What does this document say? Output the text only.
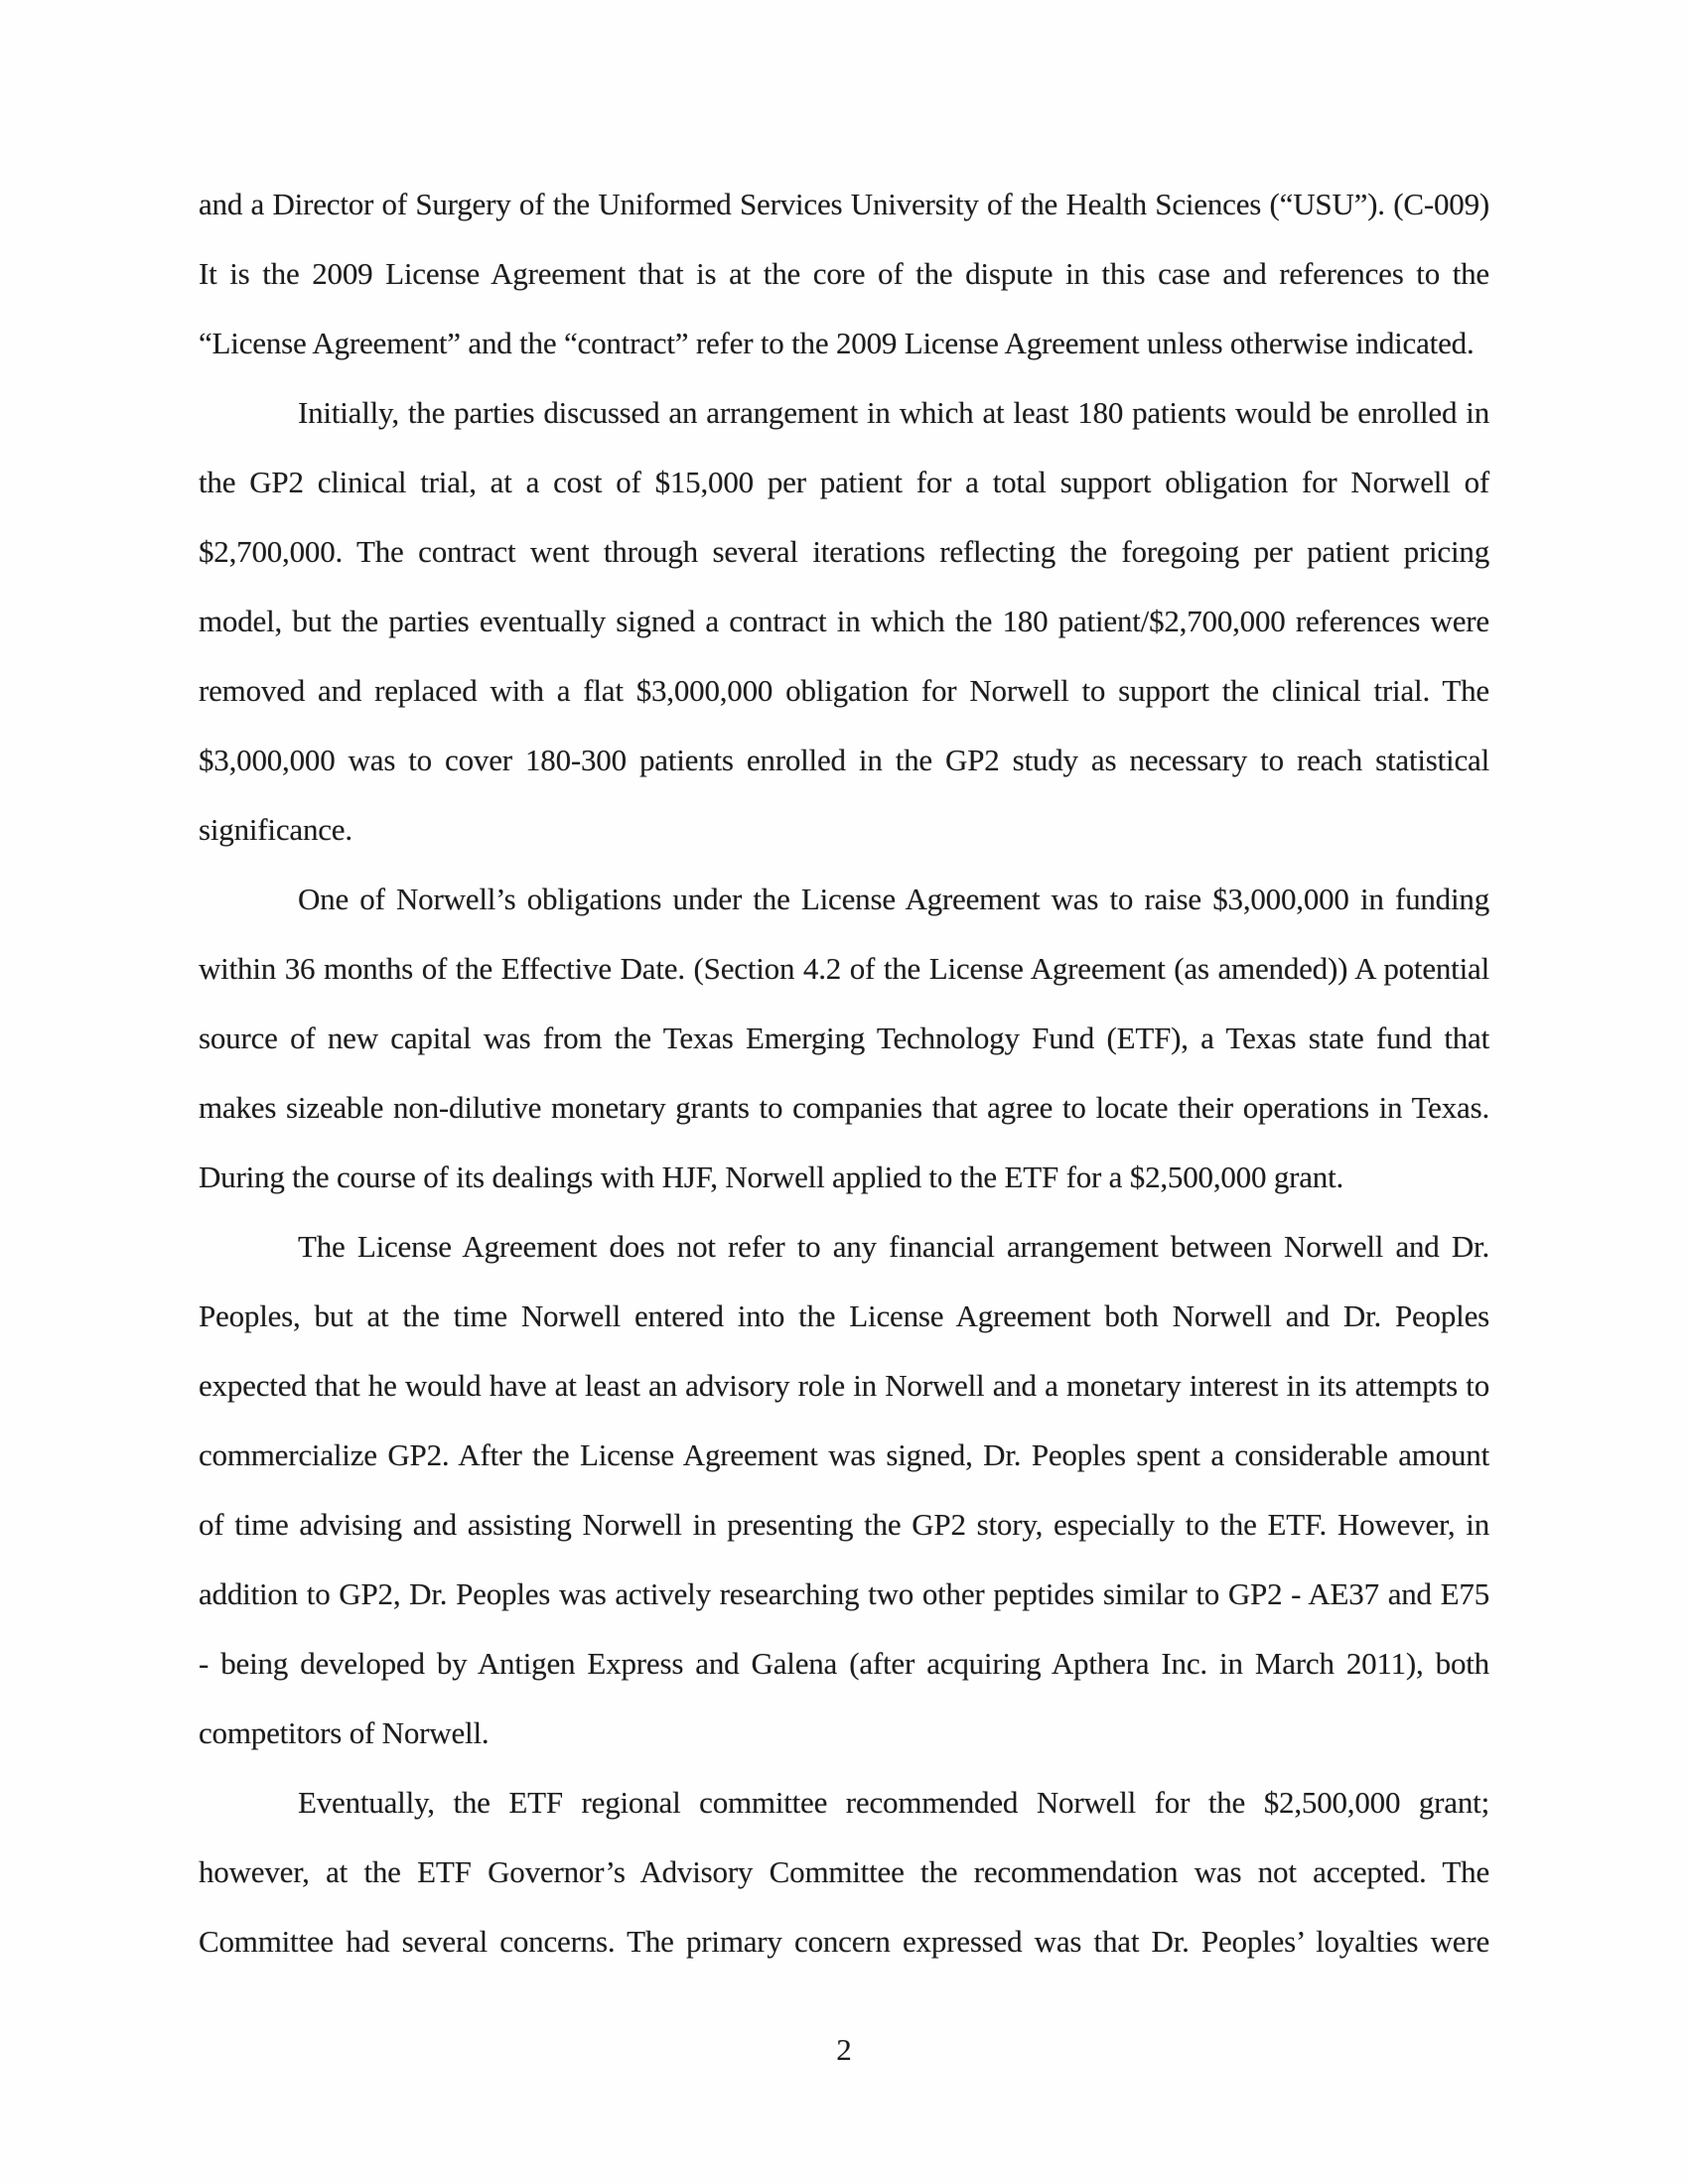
and a Director of Surgery of the Uniformed Services University of the Health Sciences (“USU”). (C-009)
It is the 2009 License Agreement that is at the core of the dispute in this case and references to the
“License Agreement” and the “contract” refer to the 2009 License Agreement unless otherwise indicated.
Initially, the parties discussed an arrangement in which at least 180 patients would be enrolled in
the GP2 clinical trial, at a cost of $15,000 per patient for a total support obligation for Norwell of
$2,700,000. The contract went through several iterations reflecting the foregoing per patient pricing
model, but the parties eventually signed a contract in which the 180 patient/$2,700,000 references were
removed and replaced with a flat $3,000,000 obligation for Norwell to support the clinical trial. The
$3,000,000 was to cover 180-300 patients enrolled in the GP2 study as necessary to reach statistical
significance.
One of Norwell’s obligations under the License Agreement was to raise $3,000,000 in funding
within 36 months of the Effective Date. (Section 4.2 of the License Agreement (as amended)) A potential
source of new capital was from the Texas Emerging Technology Fund (ETF), a Texas state fund that
makes sizeable non-dilutive monetary grants to companies that agree to locate their operations in Texas.
During the course of its dealings with HJF, Norwell applied to the ETF for a $2,500,000 grant.
The License Agreement does not refer to any financial arrangement between Norwell and Dr.
Peoples, but at the time Norwell entered into the License Agreement both Norwell and Dr. Peoples
expected that he would have at least an advisory role in Norwell and a monetary interest in its attempts to
commercialize GP2. After the License Agreement was signed, Dr. Peoples spent a considerable amount
of time advising and assisting Norwell in presenting the GP2 story, especially to the ETF. However, in
addition to GP2, Dr. Peoples was actively researching two other peptides similar to GP2 - AE37 and E75
- being developed by Antigen Express and Galena (after acquiring Apthera Inc. in March 2011), both
competitors of Norwell.
Eventually, the ETF regional committee recommended Norwell for the $2,500,000 grant;
however, at the ETF Governor’s Advisory Committee the recommendation was not accepted. The
Committee had several concerns. The primary concern expressed was that Dr. Peoples’ loyalties were
2
